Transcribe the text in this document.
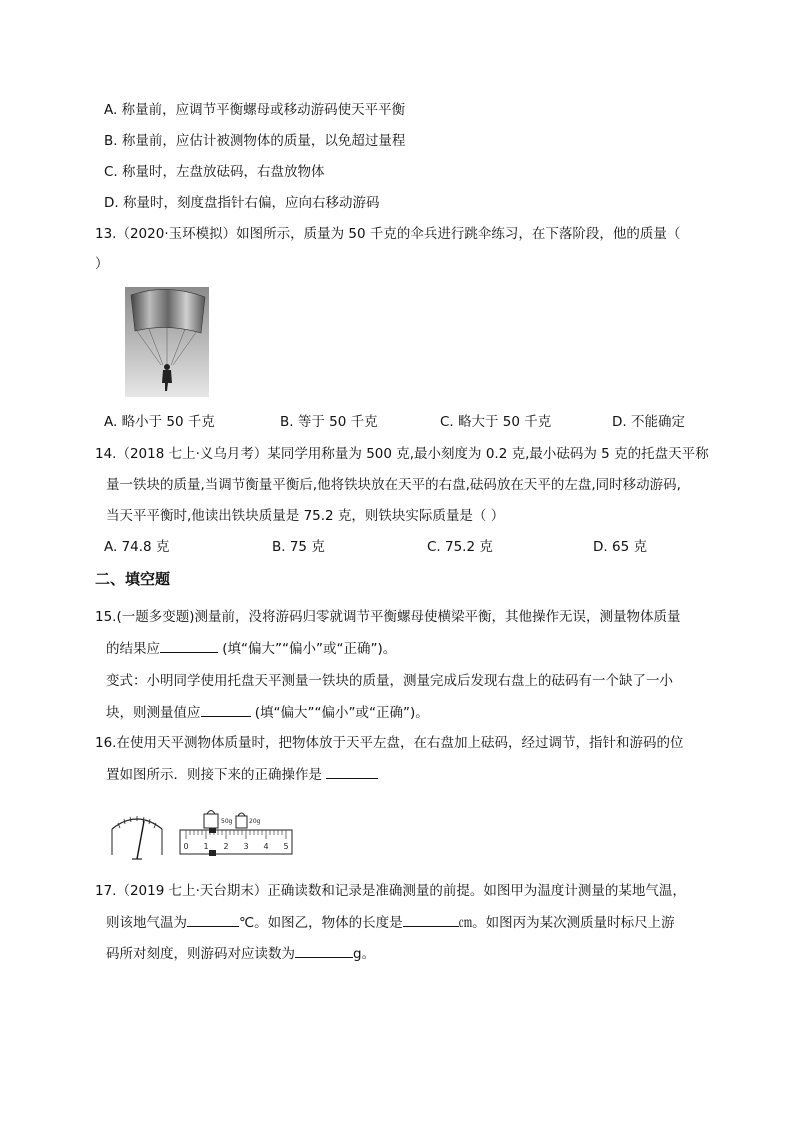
A. 称量前，应调节平衡螺母或移动游码使天平平衡
B. 称量前，应估计被测物体的质量，以免超过量程
C. 称量时，左盘放砝码，右盘放物体
D. 称量时，刻度盘指针右偏，应向右移动游码
13.（2020·玉环模拟）如图所示，质量为 50 千克的伞兵进行跳伞练习，在下落阶段，他的质量（
）
A. 略小于 50 千克	B. 等于 50 千克	C. 略大于 50 千克	D. 不能确定
14.（2018 七上·义乌月考）某同学用称量为 500 克,最小刻度为 0.2 克,最小砝码为 5 克的托盘天平称
量一铁块的质量,当调节衡量平衡后,他将铁块放在天平的右盘,砝码放在天平的左盘,同时移动游码,
当天平平衡时,他读出铁块质量是 75.2 克，则铁块实际质量是（ ）
A. 74.8 克	B. 75 克	C. 75.2 克	D. 65 克
二、填空题
15.(一题多变题)测量前，没将游码归零就调节平衡螺母使横梁平衡，其他操作无误，测量物体质量
的结果应	(填“偏大”“偏小”或“正确”)。
变式：小明同学使用托盘天平测量一铁块的质量，测量完成后发现右盘上的砝码有一个缺了一小
块，则测量值应	(填“偏大”“偏小”或“正确”)。
16.在使用天平测物体质量时，把物体放于天平左盘，在右盘加上砝码，经过调节，指针和游码的位
置如图所示．则接下来的正确操作是
50g	20g
0 1 2 3 4 5
17.（2019 七上·天台期末）正确读数和记录是准确测量的前提。如图甲为温度计测量的某地气温，
则该地气温为	℃。如图乙，物体的长度是	㎝。如图丙为某次测质量时标尺上游
码所对刻度，则游码对应读数为	g。
